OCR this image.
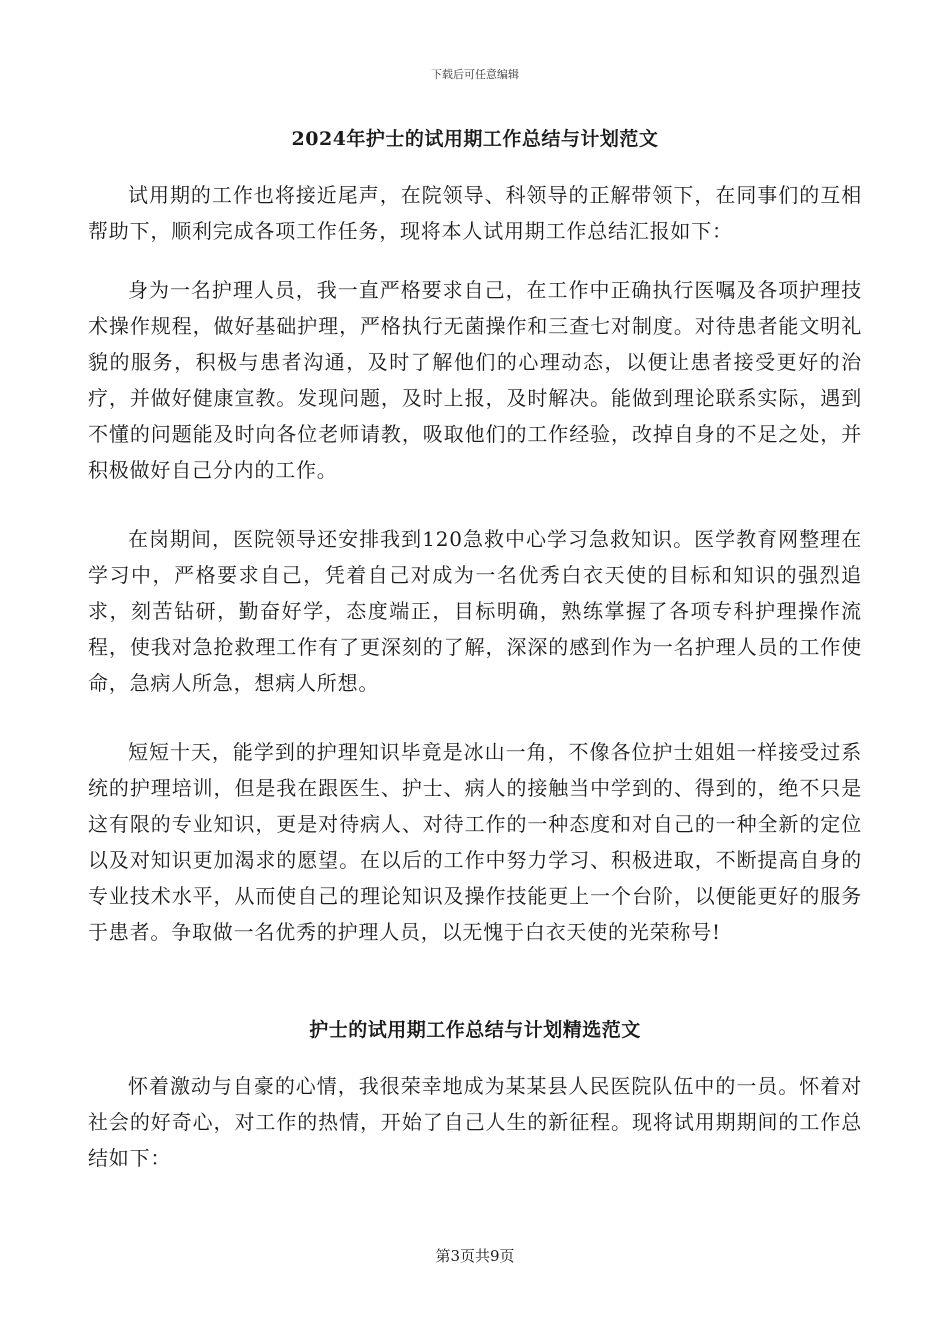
下载后可任意编辑
2024年护士的试用期工作总结与计划范文

试用期的工作也将接近尾声，在院领导、科领导的正解带领下，在同事们的互相帮助下，顺利完成各项工作任务，现将本人试用期工作总结汇报如下：

身为一名护理人员，我一直严格要求自己，在工作中正确执行医嘱及各项护理技术操作规程，做好基础护理，严格执行无菌操作和三查七对制度。对待患者能文明礼貌的服务，积极与患者沟通，及时了解他们的心理动态，以便让患者接受更好的治疗，并做好健康宣教。发现问题，及时上报，及时解决。能做到理论联系实际，遇到不懂的问题能及时向各位老师请教，吸取他们的工作经验，改掉自身的不足之处，并积极做好自己分内的工作。

在岗期间，医院领导还安排我到120急救中心学习急救知识。医学教育网整理在学习中，严格要求自己，凭着自己对成为一名优秀白衣天使的目标和知识的强烈追求，刻苦钻研，勤奋好学，态度端正，目标明确，熟练掌握了各项专科护理操作流程，使我对急抢救理工作有了更深刻的了解，深深的感到作为一名护理人员的工作使命，急病人所急，想病人所想。

短短十天，能学到的护理知识毕竟是冰山一角，不像各位护士姐姐一样接受过系统的护理培训，但是我在跟医生、护士、病人的接触当中学到的、得到的，绝不只是这有限的专业知识，更是对待病人、对待工作的一种态度和对自己的一种全新的定位以及对知识更加渴求的愿望。在以后的工作中努力学习、积极进取，不断提高自身的专业技术水平，从而使自己的理论知识及操作技能更上一个台阶，以便能更好的服务于患者。争取做一名优秀的护理人员，以无愧于白衣天使的光荣称号!

护士的试用期工作总结与计划精选范文

怀着激动与自豪的心情，我很荣幸地成为某某县人民医院队伍中的一员。怀着对社会的好奇心，对工作的热情，开始了自己人生的新征程。现将试用期期间的工作总结如下：

第3页共9页
